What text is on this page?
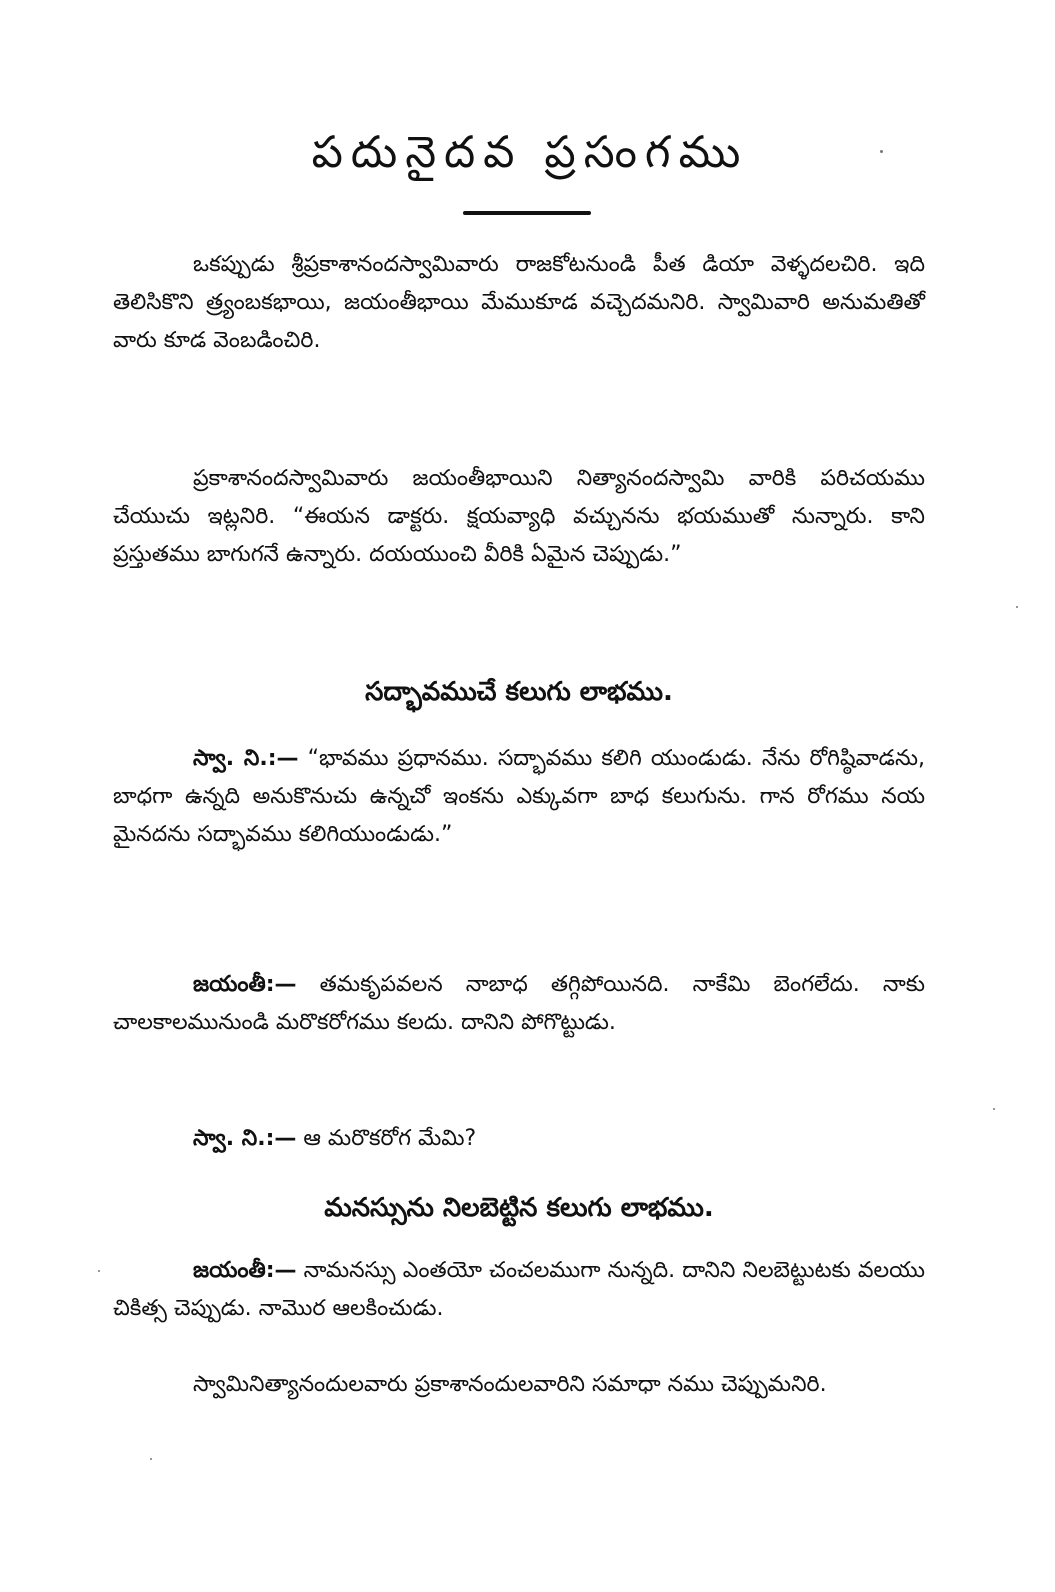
పదునైదవ ప్రసంగము

ఒకప్పుడు శ్రీప్రకాశానందస్వామివారు రాజకోటనుండి పీత డియా వెళ్ళదలచిరి. ఇది తెలిసికొని త్ర్యంబకభాయి, జయంతీభాయి మేముకూడ వచ్చెదమనిరి. స్వామివారి అనుమతితో వారు కూడ వెంబడించిరి.

ప్రకాశానందస్వామివారు జయంతీభాయిని నిత్యానందస్వామి వారికి పరిచయము చేయుచు ఇట్లనిరి. “ఈయన డాక్టరు. క్షయవ్యాధి వచ్చునను భయముతో నున్నారు. కాని ప్రస్తుతము బాగుగనే ఉన్నారు. దయయుంచి వీరికి ఏమైన చెప్పుడు.”

సద్భావముచే కలుగు లాభము.

స్వా. ని.:— “భావము ప్రధానము. సద్భావము కలిగి యుండుడు. నేను రోగిష్ఠివాడను, బాధగా ఉన్నది అనుకొనుచు ఉన్నచో ఇంకను ఎక్కువగా బాధ కలుగును. గాన రోగము నయ మైనదను సద్భావము కలిగియుండుడు.”

జయంతీ:— తమకృపవలన నాబాధ తగ్గిపోయినది. నాకేమి బెంగలేదు. నాకు చాలకాలమునుండి మరొకరోగము కలదు. దానిని పోగొట్టుడు.

స్వా. ని.:— ఆ మరొకరోగ మేమి?

మనస్సును నిలబెట్టిన కలుగు లాభము.

జయంతీ:— నామనస్సు ఎంతయో చంచలముగా నున్నది. దానిని నిలబెట్టుటకు వలయు చికిత్స చెప్పుడు. నామొర ఆలకించుడు.

స్వామినిత్యానందులవారు ప్రకాశానందులవారిని సమాధా నము చెప్పుమనిరి.
